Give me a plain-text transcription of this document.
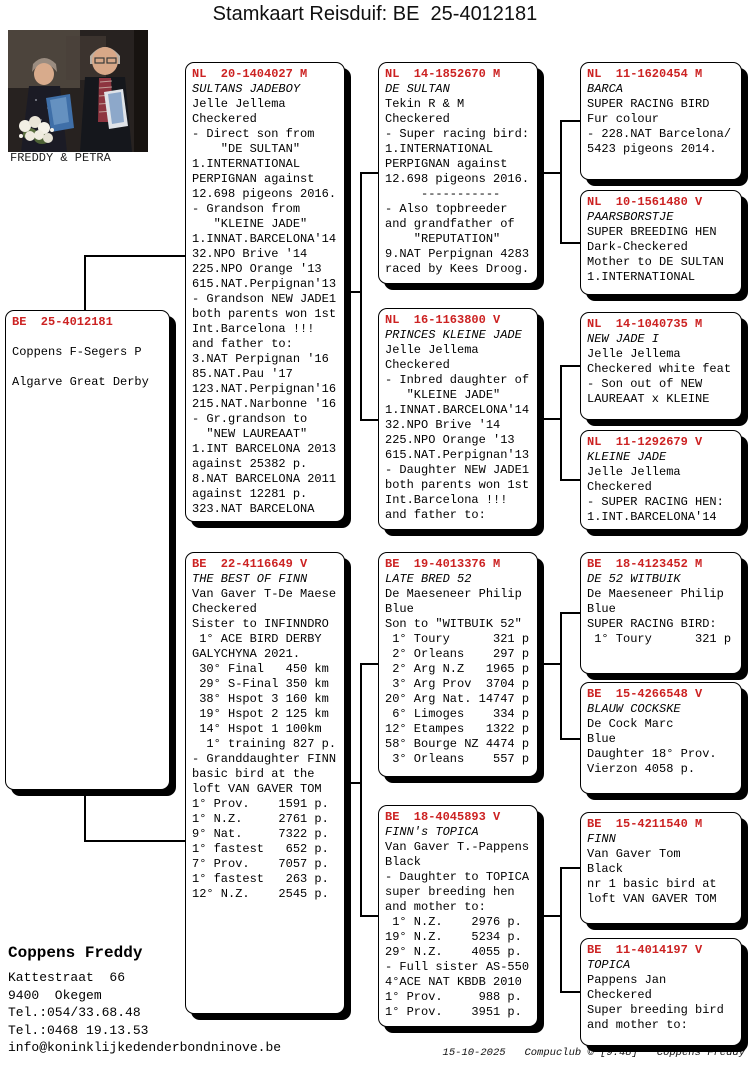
Stamkaart Reisduif: BE  25-4012181
FREDDY & PETRA
BE  25-4012181

Coppens F-Segers P

Algarve Great Derby
NL  20-1404027 M
SULTANS JADEBOY
Jelle Jellema
Checkered
- Direct son from
"DE SULTAN"
1.INTERNATIONAL
PERPIGNAN against
12.698 pigeons 2016.
- Grandson from
"KLEINE JADE"
1.INNAT.BARCELONA'14
32.NPO Brive '14
225.NPO Orange '13
615.NAT.Perpignan'13
- Grandson NEW JADE1
both parents won 1st
Int.Barcelona !!!
and father to:
3.NAT Perpignan '16
85.NAT.Pau '17
123.NAT.Perpignan'16
215.NAT.Narbonne '16
- Gr.grandson to
"NEW LAUREAAT"
1.INT BARCELONA 2013
against 25382 p.
8.NAT BARCELONA 2011
against 12281 p.
323.NAT BARCELONA
BE  22-4116649 V
THE BEST OF FINN
Van Gaver T-De Maese
Checkered
Sister to INFINNDRO
1° ACE BIRD DERBY
GALYCHYNA 2021.
30° Final   450 km
29° S-Final 350 km
38° Hspot 3 160 km
19° Hspot 2 125 km
14° Hspot 1 100km
1° training 827 p.
- Granddaughter FINN
basic bird at the
loft VAN GAVER TOM
1° Prov.    1591 p.
1° N.Z.     2761 p.
9° Nat.     7322 p.
1° fastest   652 p.
7° Prov.    7057 p.
1° fastest   263 p.
12° N.Z.    2545 p.
NL  14-1852670 M
DE SULTAN
Tekin R & M
Checkered
- Super racing bird:
1.INTERNATIONAL
PERPIGNAN against
12.698 pigeons 2016.
-----------
- Also topbreeder
and grandfather of
"REPUTATION"
9.NAT Perpignan 4283
raced by Kees Droog.
NL  16-1163800 V
PRINCES KLEINE JADE
Jelle Jellema
Checkered
- Inbred daughter of
"KLEINE JADE"
1.INNAT.BARCELONA'14
32.NPO Brive '14
225.NPO Orange '13
615.NAT.Perpignan'13
- Daughter NEW JADE1
both parents won 1st
Int.Barcelona !!!
and father to:
BE  19-4013376 M
LATE BRED 52
De Maeseneer Philip
Blue
Son to "WITBUIK 52"
1° Toury      321 p
2° Orleans    297 p
2° Arg N.Z   1965 p
3° Arg Prov  3704 p
20° Arg Nat. 14747 p
6° Limoges    334 p
12° Etampes   1322 p
58° Bourge NZ 4474 p
3° Orleans    557 p
BE  18-4045893 V
FINN's TOPICA
Van Gaver T.-Pappens
Black
- Daughter to TOPICA
super breeding hen
and mother to:
1° N.Z.    2976 p.
19° N.Z.    5234 p.
29° N.Z.    4055 p.
- Full sister AS-550
4°ACE NAT KBDB 2010
1° Prov.     988 p.
1° Prov.    3951 p.
NL  11-1620454 M
BARCA
SUPER RACING BIRD
Fur colour
- 228.NAT Barcelona/
5423 pigeons 2014.
NL  10-1561480 V
PAARSBORSTJE
SUPER BREEDING HEN
Dark-Checkered
Mother to DE SULTAN
1.INTERNATIONAL
NL  14-1040735 M
NEW JADE I
Jelle Jellema
Checkered white feat
- Son out of NEW
LAUREAAT x KLEINE
NL  11-1292679 V
KLEINE JADE
Jelle Jellema
Checkered
- SUPER RACING HEN:
1.INT.BARCELONA'14
BE  18-4123452 M
DE 52 WITBUIK
De Maeseneer Philip
Blue
SUPER RACING BIRD:
1° Toury      321 p
BE  15-4266548 V
BLAUW COCKSKE
De Cock Marc
Blue
Daughter 18° Prov.
Vierzon 4058 p.
BE  15-4211540 M
FINN
Van Gaver Tom
Black
nr 1 basic bird at
loft VAN GAVER TOM
BE  11-4014197 V
TOPICA
Pappens Jan
Checkered
Super breeding bird
and mother to:
Coppens Freddy
Kattestraat  66
9400  Okegem
Tel.:054/33.68.48
Tel.:0468 19.13.53
info@koninklijkedenderbondninove.be	15-10-2025   Compuclub © [9.48]   Coppens Freddy
